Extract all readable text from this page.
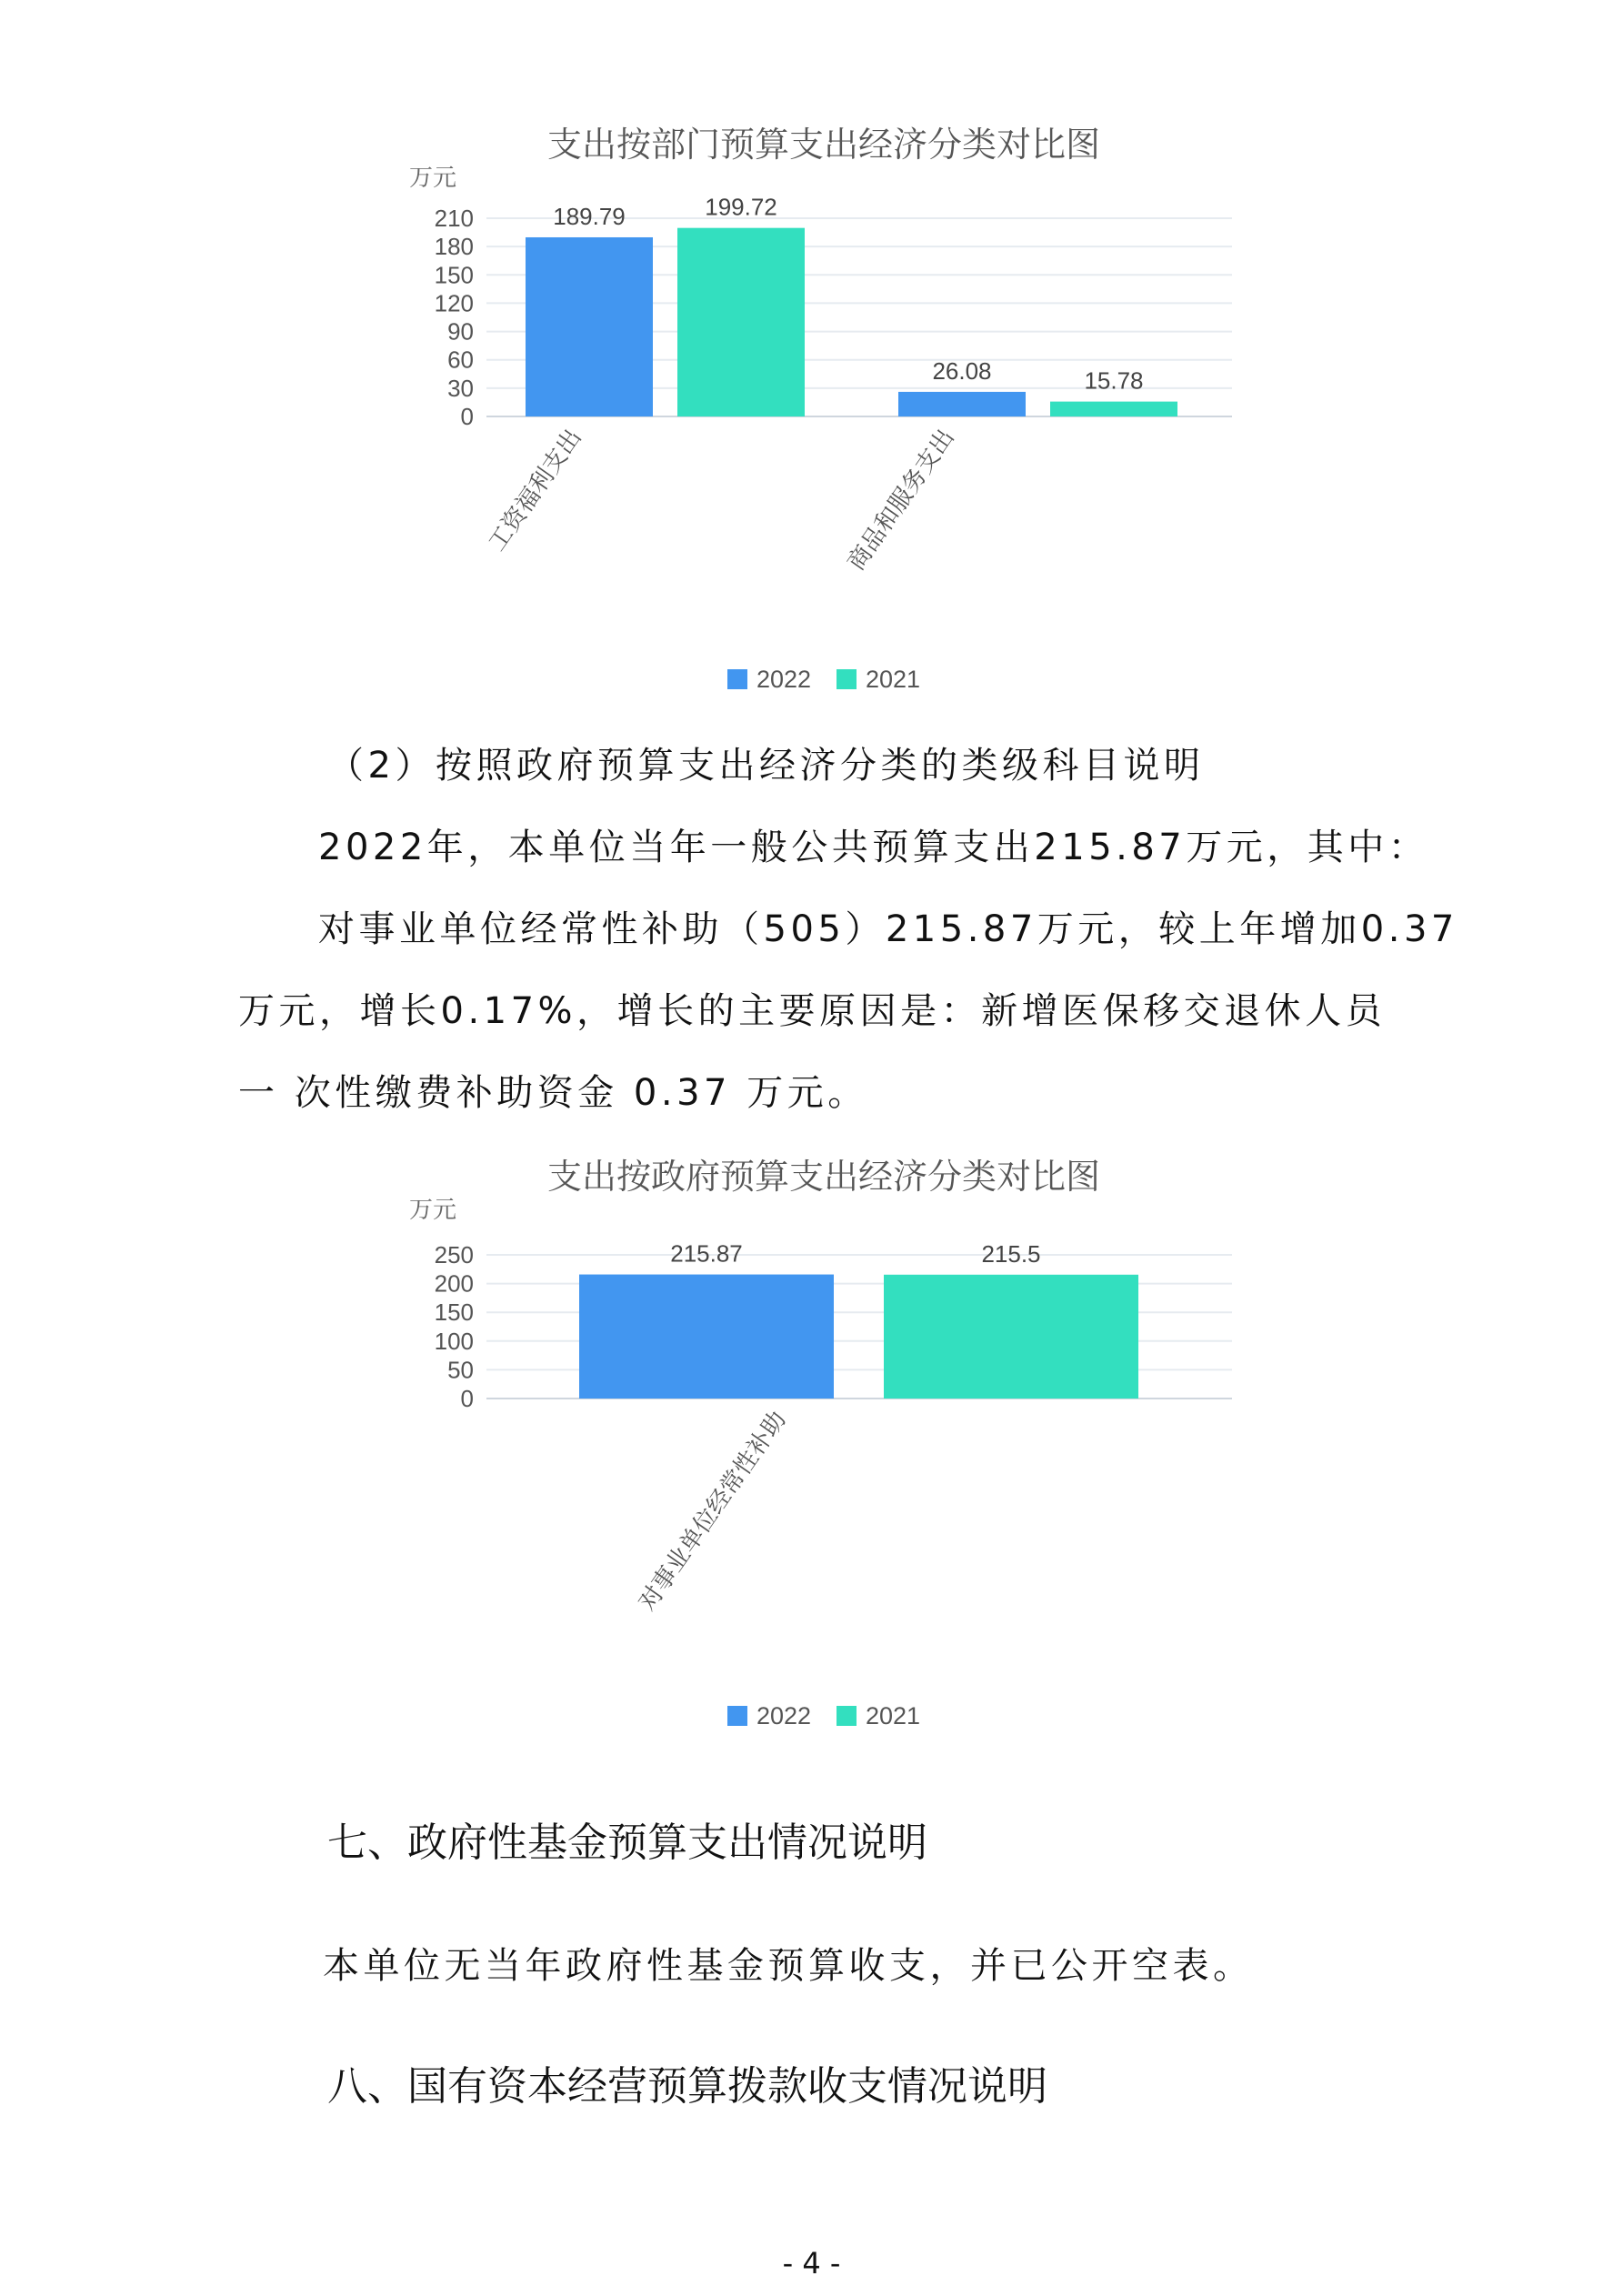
支出按部门预算支出经济分类对比图
万元
0
30
60
90
120
150
180
210	189.79	199.72
工资福利支出
26.08	15.78
商品和服务支出
2022 2021
（2）按照政府预算支出经济分类的类级科目说明
2022年，本单位当年一般公共预算支出215.87万元，其中：
对事业单位经常性补助（505）215.87万元，较上年增加0.37
万元，增长0.17%，增长的主要原因是：新增医保移交退休人员
一 次性缴费补助资金 0.37 万元。
支出按政府预算支出经济分类对比图
万元
0
50
100
150
200
250	215.87	215.5
对事业单位经常性补助
2022 2021
七、政府性基金预算支出情况说明
本单位无当年政府性基金预算收支，并已公开空表。
八、国有资本经营预算拨款收支情况说明
- 4 -
